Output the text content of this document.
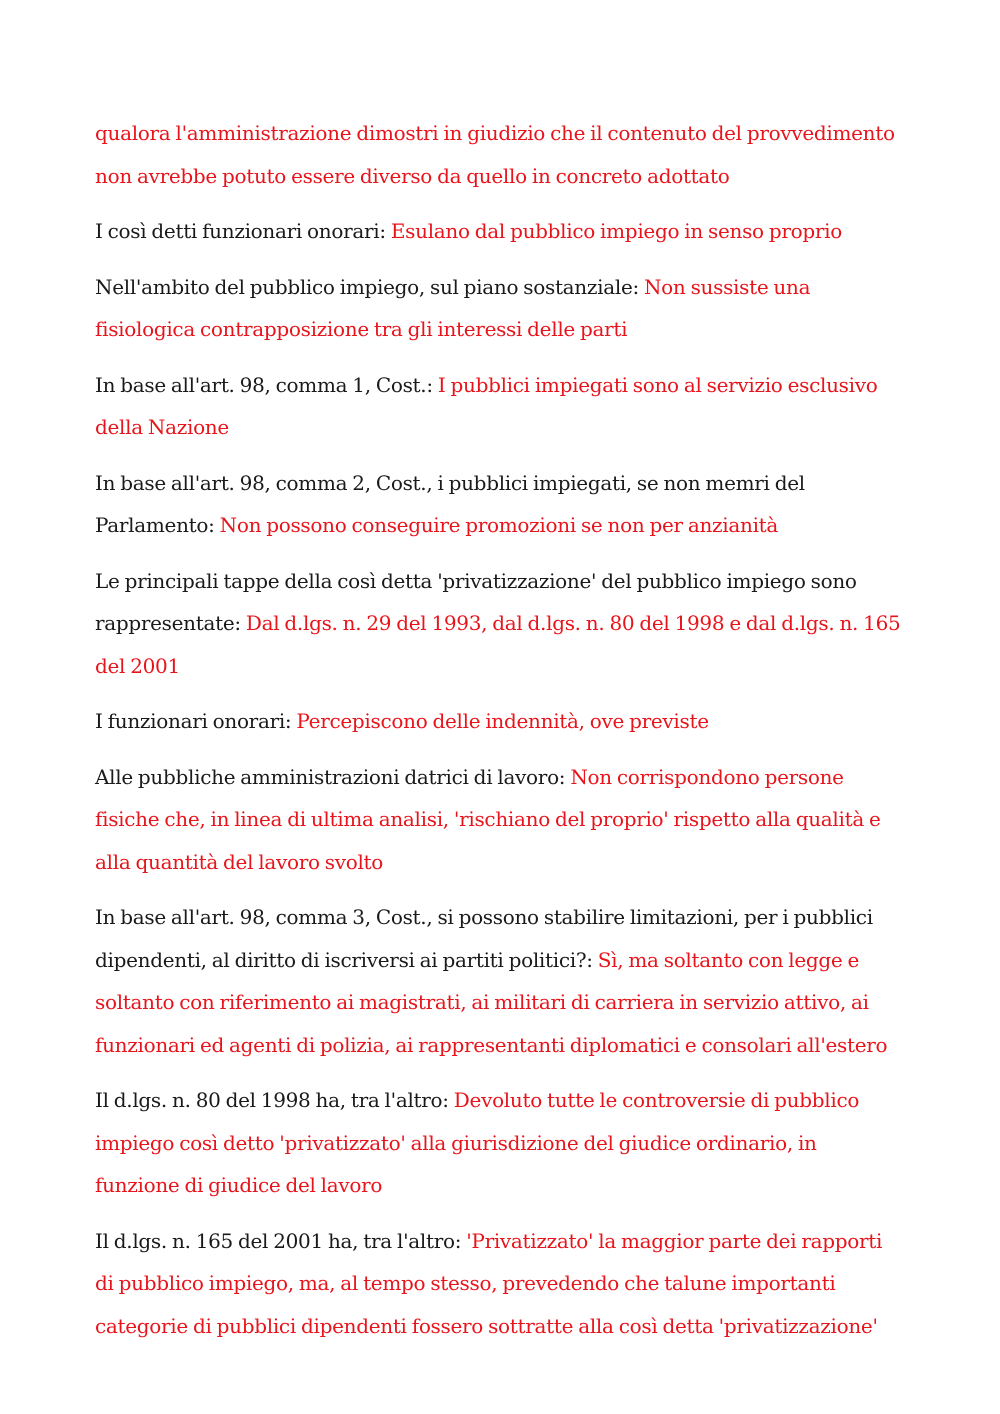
qualora l'amministrazione dimostri in giudizio che il contenuto del provvedimento non avrebbe potuto essere diverso da quello in concreto adottato

I così detti funzionari onorari: Esulano dal pubblico impiego in senso proprio

Nell'ambito del pubblico impiego, sul piano sostanziale: Non sussiste una fisiologica contrapposizione tra gli interessi delle parti

In base all'art. 98, comma 1, Cost.: I pubblici impiegati sono al servizio esclusivo della Nazione

In base all'art. 98, comma 2, Cost., i pubblici impiegati, se non memri del Parlamento: Non possono conseguire promozioni se non per anzianità

Le principali tappe della così detta 'privatizzazione' del pubblico impiego sono rappresentate: Dal d.lgs. n. 29 del 1993, dal d.lgs. n. 80 del 1998 e dal d.lgs. n. 165 del 2001

I funzionari onorari: Percepiscono delle indennità, ove previste

Alle pubbliche amministrazioni datrici di lavoro: Non corrispondono persone fisiche che, in linea di ultima analisi, 'rischiano del proprio' rispetto alla qualità e alla quantità del lavoro svolto

In base all'art. 98, comma 3, Cost., si possono stabilire limitazioni, per i pubblici dipendenti, al diritto di iscriversi ai partiti politici?: Sì, ma soltanto con legge e soltanto con riferimento ai magistrati, ai militari di carriera in servizio attivo, ai funzionari ed agenti di polizia, ai rappresentanti diplomatici e consolari all'estero

Il d.lgs. n. 80 del 1998 ha, tra l'altro: Devoluto tutte le controversie di pubblico impiego così detto 'privatizzato' alla giurisdizione del giudice ordinario, in funzione di giudice del lavoro

Il d.lgs. n. 165 del 2001 ha, tra l'altro: 'Privatizzato' la maggior parte dei rapporti di pubblico impiego, ma, al tempo stesso, prevedendo che talune importanti categorie di pubblici dipendenti fossero sottratte alla così detta 'privatizzazione'
